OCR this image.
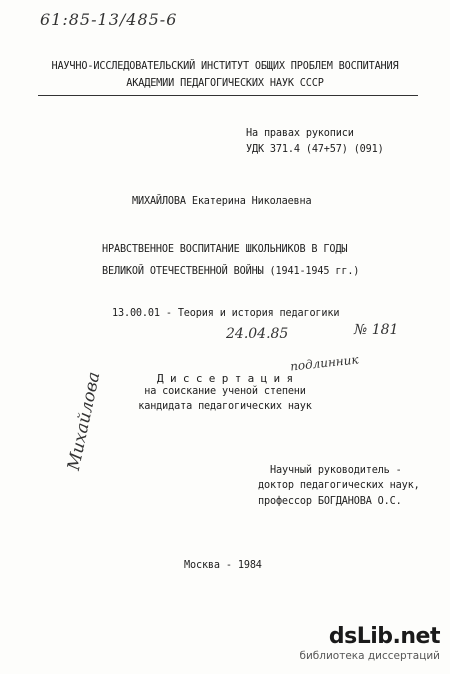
61:85-13/485-6
НАУЧНО-ИССЛЕДОВАТЕЛЬСКИЙ ИНСТИТУТ ОБЩИХ ПРОБЛЕМ ВОСПИТАНИЯ
АКАДЕМИИ ПЕДАГОГИЧЕСКИХ НАУК СССР
На правах рукописи
УДК 371.4 (47+57) (091)
МИХАЙЛОВА Екатерина Николаевна
НРАВСТВЕННОЕ ВОСПИТАНИЕ ШКОЛЬНИКОВ В ГОДЫ
ВЕЛИКОЙ ОТЕЧЕСТВЕННОЙ ВОЙНЫ (1941-1945 гг.)
13.00.01 - Теория и история педагогики
24.04.85	№ 181
подлинник
Д и с с е р т а ц и я
на соискание ученой степени
кандидата педагогических наук
Научный руководитель -
доктор педагогических наук,
профессор БОГДАНОВА О.С.
Михайлова
Москва - 1984
dsLib.net
библиотека диссертаций
